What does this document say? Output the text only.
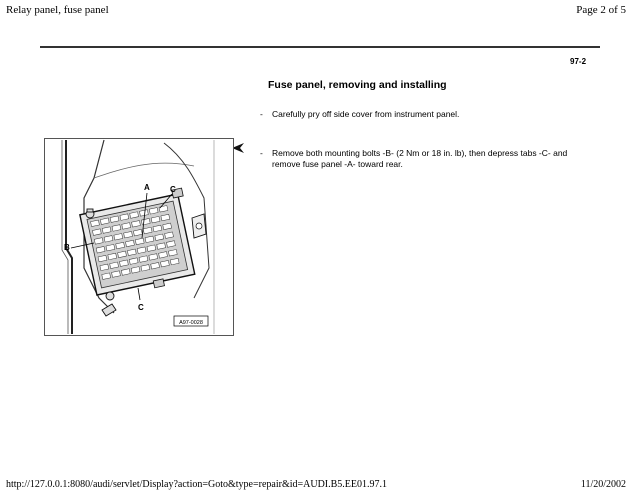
Relay panel, fuse panel	Page 2 of 5
97-2
Fuse panel, removing and installing
- Carefully pry off side cover from instrument panel.
- Remove both mounting bolts -B- (2 Nm or 18 in. lb), then depress tabs -C- and remove fuse panel -A- toward rear.
A	C
B
C
A97-0028
http://127.0.0.1:8080/audi/servlet/Display?action=Goto&type=repair&id=AUDI.B5.EE01.97.1	11/20/2002
